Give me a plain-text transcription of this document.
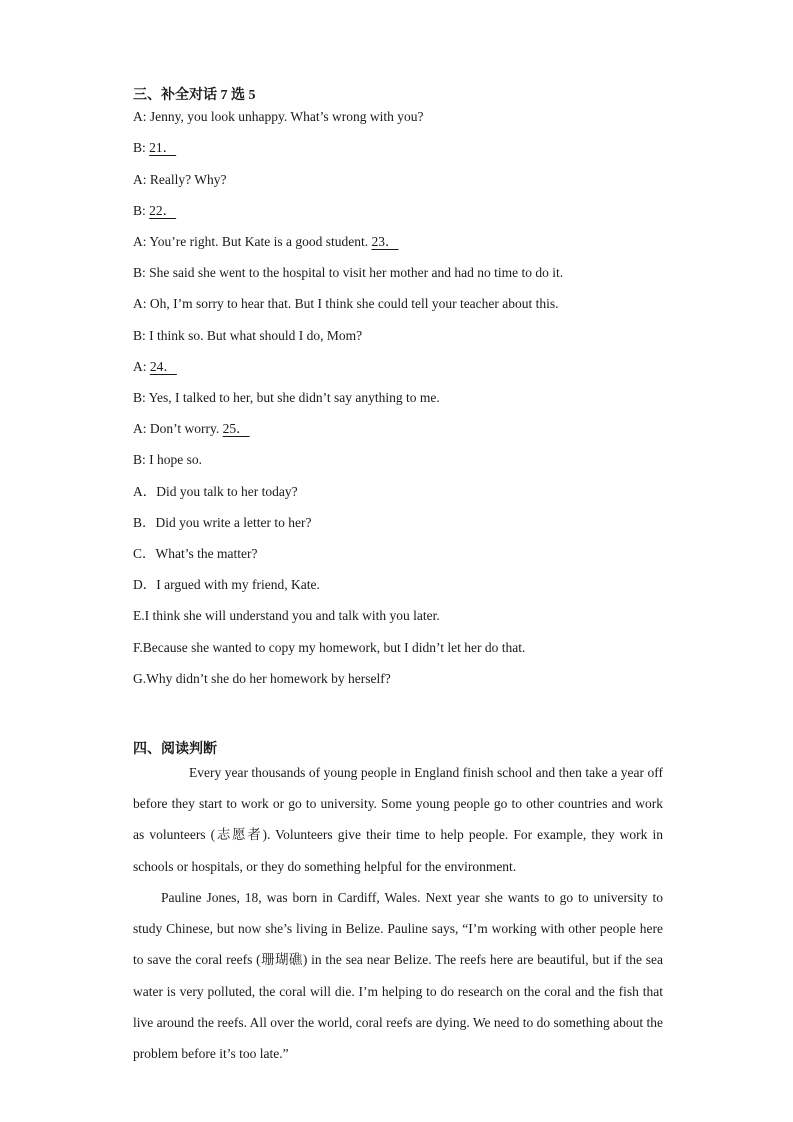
三、补全对话 7 选 5
A: Jenny, you look unhappy. What’s wrong with you?
B: 21．
A: Really? Why?
B: 22．
A: You’re right. But Kate is a good student. 23．
B: She said she went to the hospital to visit her mother and had no time to do it.
A: Oh, I’m sorry to hear that. But I think she could tell your teacher about this.
B: I think so. But what should I do, Mom?
A: 24．
B: Yes, I talked to her, but she didn’t say anything to me.
A: Don’t worry. 25．
B: I hope so.
A．Did you talk to her today?
B．Did you write a letter to her?
C．What’s the matter?
D．I argued with my friend, Kate.
E.I think she will understand you and talk with you later.
F.Because she wanted to copy my homework, but I didn’t let her do that.
G.Why didn’t she do her homework by herself?
四、阅读判断
Every year thousands of young people in England finish school and then take a year off before they start to work or go to university. Some young people go to other countries and work as volunteers (志愿者). Volunteers give their time to help people. For example, they work in schools or hospitals, or they do something helpful for the environment.
Pauline Jones, 18, was born in Cardiff, Wales. Next year she wants to go to university to study Chinese, but now she’s living in Belize. Pauline says, “I’m working with other people here to save the coral reefs (珊瑚礁) in the sea near Belize. The reefs here are beautiful, but if the sea water is very polluted, the coral will die. I’m helping to do research on the coral and the fish that live around the reefs. All over the world, coral reefs are dying. We need to do something about the problem before it’s too late.”
